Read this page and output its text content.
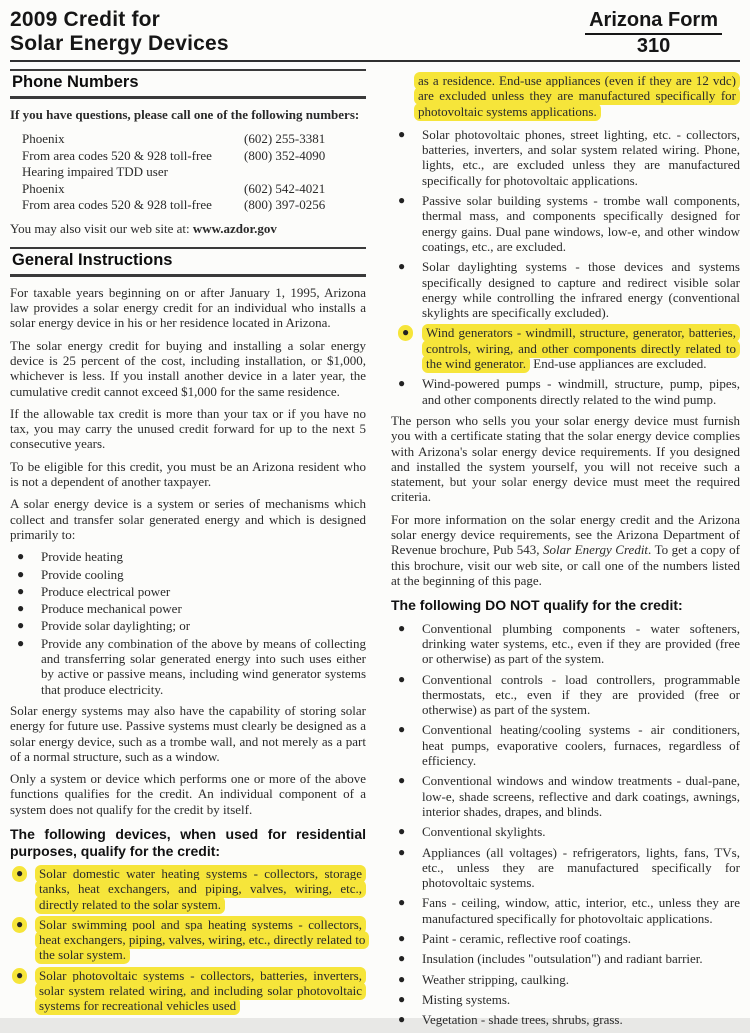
2009 Credit for
Solar Energy Devices
Arizona Form
310
Phone Numbers
If you have questions, please call one of the following numbers:
Phoenix	(602) 255-3381
From area codes 520 & 928 toll-free	(800) 352-4090
Hearing impaired TDD user
Phoenix	(602) 542-4021
From area codes 520 & 928 toll-free	(800) 397-0256
You may also visit our web site at: www.azdor.gov
General Instructions
For taxable years beginning on or after January 1, 1995, Arizona law provides a solar energy credit for an individual who installs a solar energy device in his or her residence located in Arizona.
The solar energy credit for buying and installing a solar energy device is 25 percent of the cost, including installation, or $1,000, whichever is less. If you install another device in a later year, the cumulative credit cannot exceed $1,000 for the same residence.
If the allowable tax credit is more than your tax or if you have no tax, you may carry the unused credit forward for up to the next 5 consecutive years.
To be eligible for this credit, you must be an Arizona resident who is not a dependent of another taxpayer.
A solar energy device is a system or series of mechanisms which collect and transfer solar generated energy and which is designed primarily to:
●	Provide heating
●	Provide cooling
●	Produce electrical power
●	Produce mechanical power
●	Provide solar daylighting; or
●	Provide any combination of the above by means of collecting and transferring solar generated energy into such uses either by active or passive means, including wind generator systems that produce electricity.
Solar energy systems may also have the capability of storing solar energy for future use. Passive systems must clearly be designed as a solar energy device, such as a trombe wall, and not merely as a part of a normal structure, such as a window.
Only a system or device which performs one or more of the above functions qualifies for the credit. An individual component of a system does not qualify for the credit by itself.
The following devices, when used for residential purposes, qualify for the credit:
●	Solar domestic water heating systems - collectors, storage tanks, heat exchangers, and piping, valves, wiring, etc., directly related to the solar system.
●	Solar swimming pool and spa heating systems - collectors, heat exchangers, piping, valves, wiring, etc., directly related to the solar system.
●	Solar photovoltaic systems - collectors, batteries, inverters, solar system related wiring, and including solar photovoltaic systems for recreational vehicles used
as a residence. End-use appliances (even if they are 12 vdc) are excluded unless they are manufactured specifically for photovoltaic systems applications.
●	Solar photovoltaic phones, street lighting, etc. - collectors, batteries, inverters, and solar system related wiring. Phone, lights, etc., are excluded unless they are manufactured specifically for photovoltaic applications.
●	Passive solar building systems - trombe wall components, thermal mass, and components specifically designed for energy gains. Dual pane windows, low-e, and other window coatings, etc., are excluded.
●	Solar daylighting systems - those devices and systems specifically designed to capture and redirect visible solar energy while controlling the infrared energy (conventional skylights are specifically excluded).
●	Wind generators - windmill, structure, generator, batteries, controls, wiring, and other components directly related to the wind generator. End-use appliances are excluded.
●	Wind-powered pumps - windmill, structure, pump, pipes, and other components directly related to the wind pump.
The person who sells you your solar energy device must furnish you with a certificate stating that the solar energy device complies with Arizona's solar energy device requirements. If you designed and installed the system yourself, you will not receive such a statement, but your solar energy device must meet the required criteria.
For more information on the solar energy credit and the Arizona solar energy device requirements, see the Arizona Department of Revenue brochure, Pub 543, Solar Energy Credit. To get a copy of this brochure, visit our web site, or call one of the numbers listed at the beginning of this page.
The following DO NOT qualify for the credit:
●	Conventional plumbing components - water softeners, drinking water systems, etc., even if they are provided (free or otherwise) as part of the system.
●	Conventional controls - load controllers, programmable thermostats, etc., even if they are provided (free or otherwise) as part of the system.
●	Conventional heating/cooling systems - air conditioners, heat pumps, evaporative coolers, furnaces, regardless of efficiency.
●	Conventional windows and window treatments - dual-pane, low-e, shade screens, reflective and dark coatings, awnings, interior shades, drapes, and blinds.
●	Conventional skylights.
●	Appliances (all voltages) - refrigerators, lights, fans, TVs, etc., unless they are manufactured specifically for photovoltaic systems.
●	Fans - ceiling, window, attic, interior, etc., unless they are manufactured specifically for photovoltaic applications.
●	Paint - ceramic, reflective roof coatings.
●	Insulation (includes "outsulation") and radiant barrier.
●	Weather stripping, caulking.
●	Misting systems.
●	Vegetation - shade trees, shrubs, grass.
